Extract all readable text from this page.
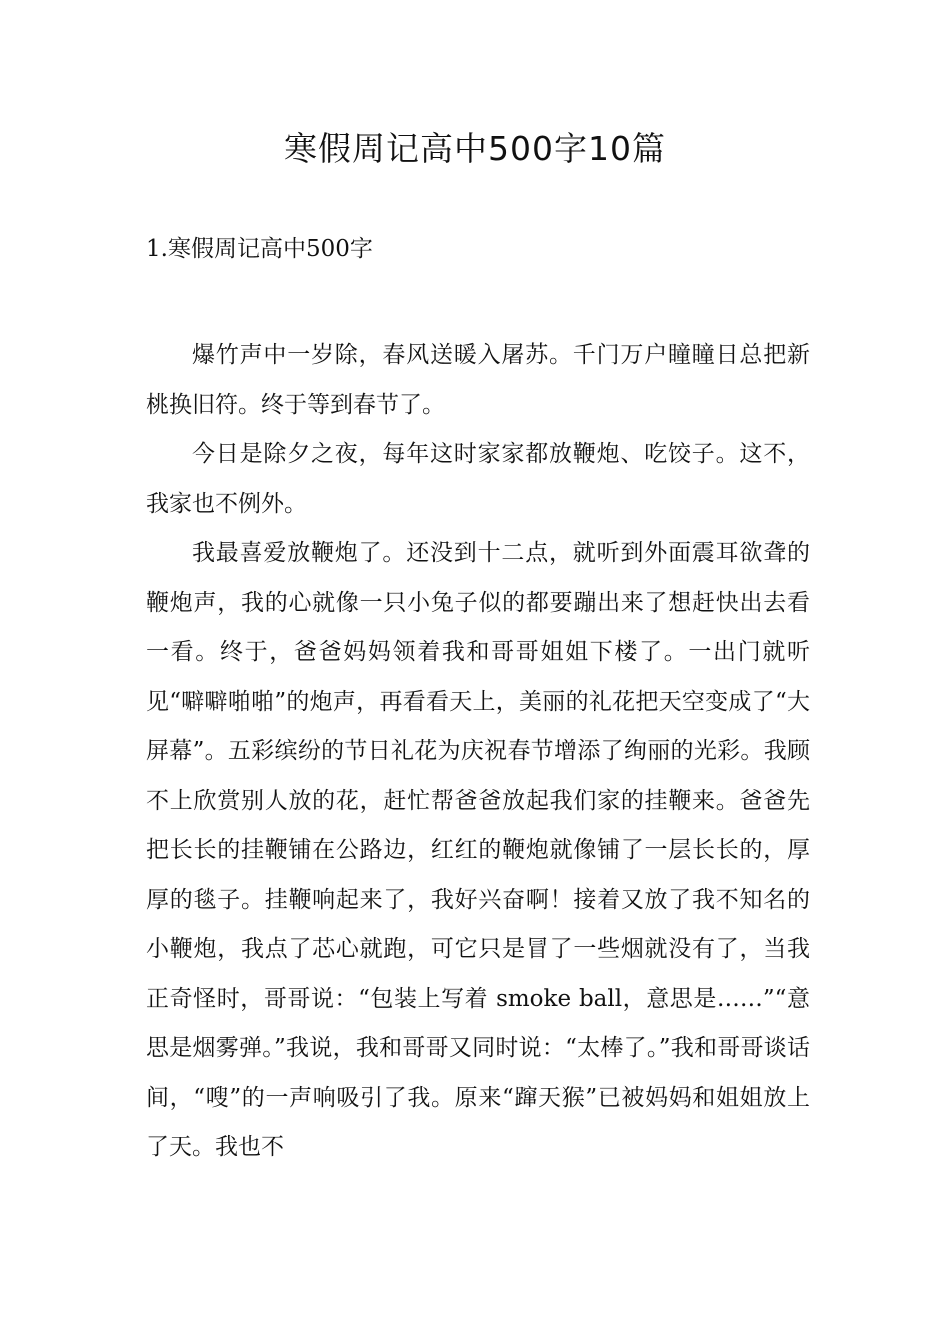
寒假周记高中500字10篇
1.寒假周记高中500字

爆竹声中一岁除，春风送暖入屠苏。千门万户瞳瞳日总把新桃换旧符。终于等到春节了。

今日是除夕之夜，每年这时家家都放鞭炮、吃饺子。这不，我家也不例外。

我最喜爱放鞭炮了。还没到十二点，就听到外面震耳欲聋的鞭炮声，我的心就像一只小兔子似的都要蹦出来了想赶快出去看一看。终于，爸爸妈妈领着我和哥哥姐姐下楼了。一出门就听见“噼噼啪啪”的炮声，再看看天上，美丽的礼花把天空变成了“大屏幕”。五彩缤纷的节日礼花为庆祝春节增添了绚丽的光彩。我顾不上欣赏别人放的花，赶忙帮爸爸放起我们家的挂鞭来。爸爸先把长长的挂鞭铺在公路边，红红的鞭炮就像铺了一层长长的，厚厚的毯子。挂鞭响起来了，我好兴奋啊！接着又放了我不知名的小鞭炮，我点了芯心就跑，可它只是冒了一些烟就没有了，当我正奇怪时，哥哥说：“包装上写着 smoke ball，意思是……”“意思是烟雾弹。”我说，我和哥哥又同时说：“太棒了。”我和哥哥谈话间，“嗖”的一声响吸引了我。原来“蹿天猴”已被妈妈和姐姐放上了天。我也不
